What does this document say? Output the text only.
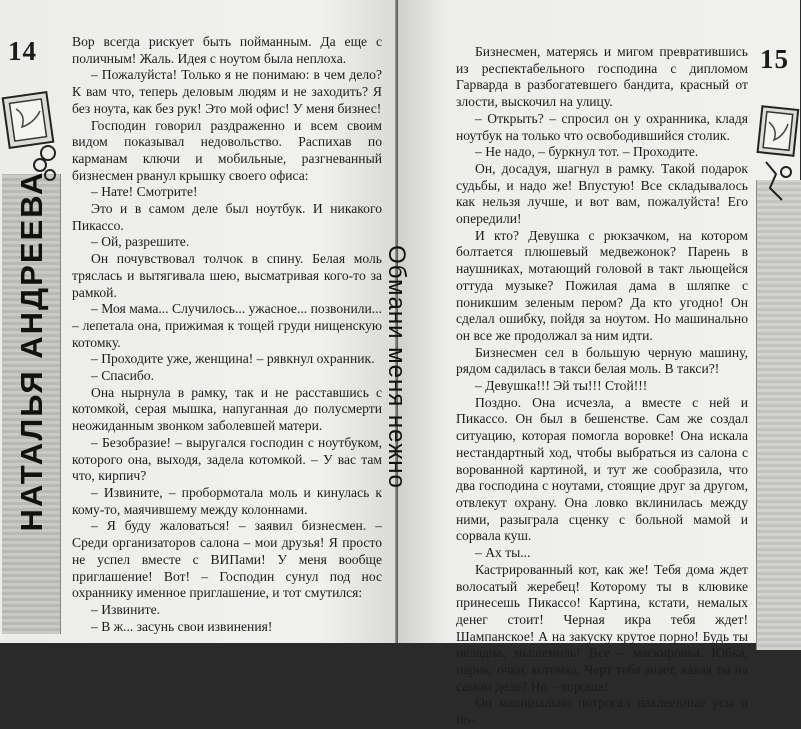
14
НАТАЛЬЯ АНДРЕЕВА

Вор всегда рискует быть пойманным. Да еще с поличным! Жаль. Идея с ноутом была неплоха.

– Пожалуйста! Только я не понимаю: в чем дело? К вам что, теперь деловым людям и не заходить? Я без ноута, как без рук! Это мой офис! У меня бизнес!

Господин говорил раздраженно и всем своим видом показывал недовольство. Распихав по карманам ключи и мобильные, разгневанный бизнесмен рванул крышку своего офиса:

– Нате! Смотрите!

Это и в самом деле был ноутбук. И никакого Пикассо.

– Ой, разрешите.

Он почувствовал толчок в спину. Белая моль тряслась и вытягивала шею, высматривая кого-то за рамкой.

– Моя мама... Случилось... ужасное... позвонили... – лепетала она, прижимая к тощей груди нищенскую котомку.

– Проходите уже, женщина! – рявкнул охранник.

– Спасибо.

Она нырнула в рамку, так и не расставшись с котомкой, серая мышка, напуганная до полусмерти неожиданным звонком заболевшей матери.

– Безобразие! – выругался господин с ноутбуком, которого она, выходя, задела котомкой. – У вас там что, кирпич?

– Извините, – пробормотала моль и кинулась к кому-то, маячившему между колоннами.

– Я буду жаловаться! – заявил бизнесмен. – Среди организаторов салона – мои друзья! Я просто не успел вместе с ВИПами! У меня вообще приглашение! Вот! – Господин сунул под нос охраннику именное приглашение, и тот смутился:

– Извините.

– В ж... засунь свои извинения!

15

Бизнесмен, матерясь и мигом превратившись из респектабельного господина с дипломом Гарварда в разбогатевшего бандита, красный от злости, выскочил на улицу.

– Открыть? – спросил он у охранника, кладя ноутбук на только что освободившийся столик.

– Не надо, – буркнул тот. – Проходите.

Он, досадуя, шагнул в рамку. Такой подарок судьбы, и надо же! Впустую! Все складывалось как нельзя лучше, и вот вам, пожалуйста! Его опередили!

И кто? Девушка с рюкзачком, на котором болтается плюшевый медвежонок? Парень в наушниках, мотающий головой в такт льющейся оттуда музыке? Пожилая дама в шляпке с поникшим зеленым пером? Да кто угодно! Он сделал ошибку, пойдя за ноутом. Но машинально он все же продолжал за ним идти.

Бизнесмен сел в большую черную машину, рядом садилась в такси белая моль. В такси?!

– Девушка!!! Эй ты!!! Стой!!!

Поздно. Она исчезла, а вместе с ней и Пикассо. Он был в бешенстве. Сам же создал ситуацию, которая помогла воровке! Она искала нестандартный ход, чтобы выбраться из салона с ворованной картиной, и тут же сообразила, что два господина с ноутами, стоящие друг за другом, отвлекут охрану. Она ловко вклинилась между ними, разыграла сценку с больной мамой и сорвала куш.

– Ах ты...

Кастрированный кот, как же! Тебя дома ждет волосатый жеребец! Которому ты в клювике принесешь Пикассо! Картина, кстати, немалых денег стоит! Черная икра тебя ждет! Шампанское! А на закуску крутое порно! Будь ты неладна, мышемоль! Все – маскировка. Юбка, парик, очки, котомка. Черт тебя знает, какая ты на самом деле? Но – хороша!

Он машинально потрогал наклеенные усы и по-

Обмани меня нежно
